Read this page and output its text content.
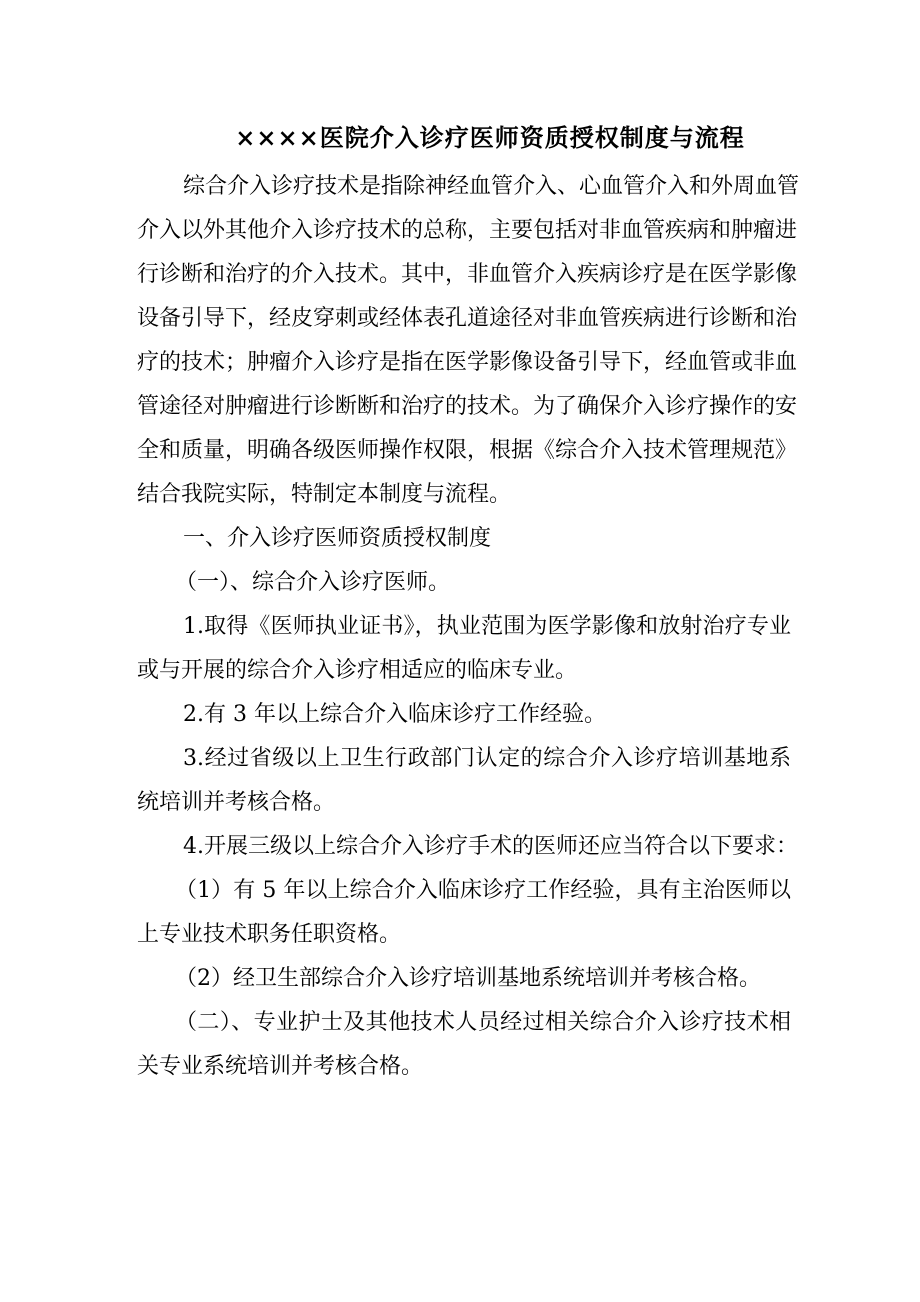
××××医院介入诊疗医师资质授权制度与流程
综合介入诊疗技术是指除神经血管介入、心血管介入和外周血管
介入以外其他介入诊疗技术的总称，主要包括对非血管疾病和肿瘤进
行诊断和治疗的介入技术。其中，非血管介入疾病诊疗是在医学影像
设备引导下，经皮穿刺或经体表孔道途径对非血管疾病进行诊断和治
疗的技术；肿瘤介入诊疗是指在医学影像设备引导下，经血管或非血
管途径对肿瘤进行诊断断和治疗的技术。为了确保介入诊疗操作的安
全和质量，明确各级医师操作权限，根据《综合介入技术管理规范》
结合我院实际，特制定本制度与流程。
一、介入诊疗医师资质授权制度
（一）、综合介入诊疗医师。
1.取得《医师执业证书》，执业范围为医学影像和放射治疗专业
或与开展的综合介入诊疗相适应的临床专业。
2.有 3 年以上综合介入临床诊疗工作经验。
3.经过省级以上卫生行政部门认定的综合介入诊疗培训基地系
统培训并考核合格。
4.开展三级以上综合介入诊疗手术的医师还应当符合以下要求：
（1）有 5 年以上综合介入临床诊疗工作经验，具有主治医师以
上专业技术职务任职资格。
（2）经卫生部综合介入诊疗培训基地系统培训并考核合格。
（二）、专业护士及其他技术人员经过相关综合介入诊疗技术相
关专业系统培训并考核合格。
